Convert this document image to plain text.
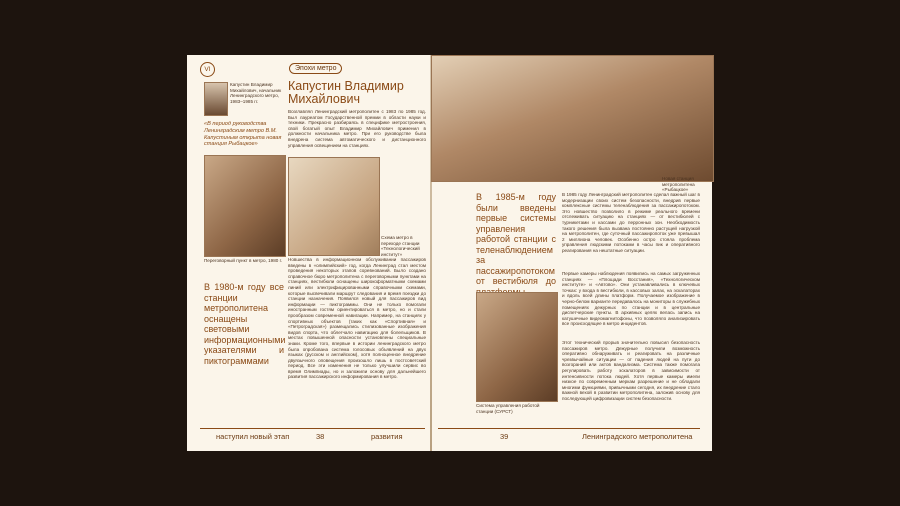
VI	Эпохи метро
Капустин Владимир Михайлович, начальник Ленинградского метро, 1983–1985 гг.
«В период руководства Ленинградским метро В.М. Капустиным открыта новая станция Рыбацкое»
Капустин Владимир Михайлович
Возглавлял Ленинградский метрополитен с 1983 по 1985 год. Был лауреатом Государственной премии в области науки и техники. Прекрасно разбираясь в специфике метростроения, свой богатый опыт Владимир Михайлович применил в должности начальника метро. При его руководстве была внедрена система автоматического и дистанционного управления освещением на станциях.
Переговорный пункт в метро, 1980 г.
Схема метро в переходе станции «Технологический институт»
В 1980-м году все станции метрополитена оснащены световыми информационными указателями и пиктограммами
Новшества в информационном обслуживании пассажиров введены в «олимпийский» год, когда Ленинград стал местом проведения некоторых этапов соревнований. Было создано справочное бюро метрополитена с переговорными пунктами на станциях, вестибюли оснащены широкоформатными схемами линий или электрифицированными справочными схемами, которые высвечивали маршрут следования и время поездки до станции назначения. Появился новый для пассажиров вид информации — пиктограммы. Они не только помогали иностранным гостям ориентироваться в метро, но и стали прообразом современной навигации. Например, на станциях у спортивных объектов (таких как «Спортивная» и «Петроградская») размещались стилизованные изображения видов спорта, что облегчало навигацию для болельщиков. В местах повышенной опасности установлены специальные знаки. Кроме того, впервые в истории ленинградского метро была опробована система голосовых объявлений на двух языках (русском и английском), хотя полноценное внедрение двуязычного оповещения произошло лишь в постсоветский период. Все эти изменения не только улучшили сервис во время Олимпиады, но и заложили основу для дальнейшего развития пассажирского информирования в метро.
Новая станция метрополитена «Рыбацкое»
В 1985-м году были введены первые системы управления работой станции с теленаблюдением за пассажиропотоком от вестибюля до
Система управления работой станции (СУРСТ)
В 1985 году Ленинградский метрополитен сделал важный шаг в модернизации своих систем безопасности, внедрив первые комплексные системы теленаблюдения за пассажиропотоком. Это новшество позволило в режиме реального времени отслеживать ситуацию на станциях — от вестибюлей с турникетами и кассами до перронных зон. Необходимость такого решения была вызвана постоянно растущей нагрузкой на метрополитен, где суточный пассажиропоток уже превышал 2 миллиона человек. Особенно остро стояла проблема управления людскими потоками в часы пик и оперативного реагирования на нештатные ситуации.
Первые камеры наблюдения появились на самых загруженных станциях — «Площади Восстания», «Технологическом институте» и «Автово». Они устанавливались в ключевых точках: у входа в вестибюли, в кассовых залах, на эскалаторах и вдоль всей длины платформ. Получаемое изображение в черно-белом варианте передавалось на мониторы в служебных помещениях дежурных по станции и в центральные диспетчерские пункты. В архивных целях велась запись на катушечные видеомагнитофоны, что позволяло анализировать все происходящее в метро инцидентов.
Этот технический прорыв значительно повысил безопасность пассажиров метро. Дежурные получили возможность оперативно обнаруживать и реагировать на различные чрезвычайные ситуации — от падения людей на пути до возгораний или актов вандализма. Система также помогала регулировать работу эскалаторов в зависимости от интенсивности потока людей. Хотя первые камеры имели низкое по современным меркам разрешение и не обладали многими функциями, привычными сегодня, их внедрение стало важной вехой в развитии метрополитена, заложив основу для последующей цифровизации систем безопасности.
наступил новый этап	38	развития	39	Ленинградского метрополитена
